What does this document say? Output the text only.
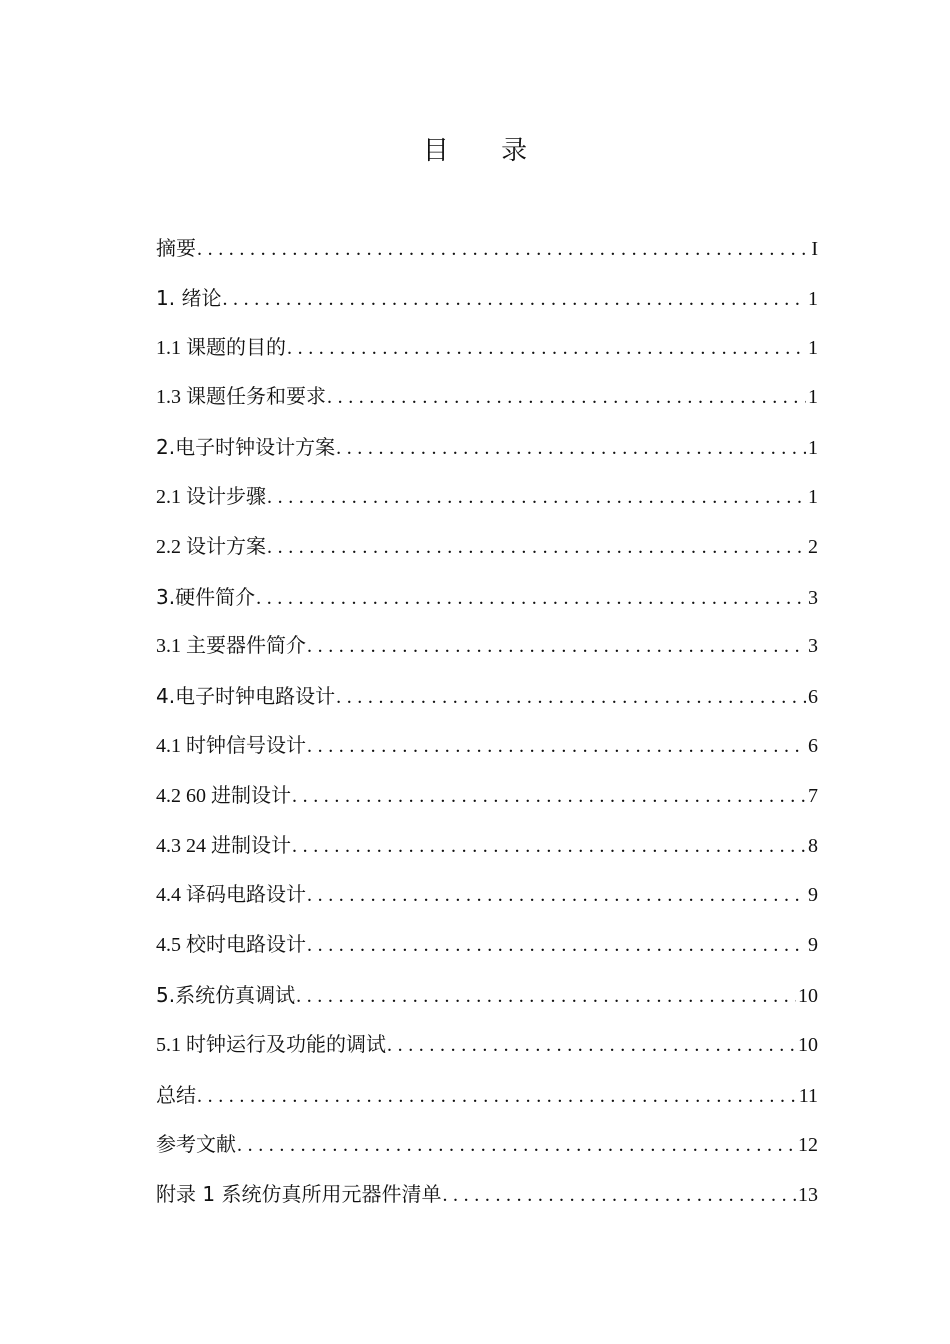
目 录
摘要 .....	I
1. 绪论 .....	1
1.1 课题的目的 .....	1
1.3 课题任务和要求 .....	1
2.电子时钟设计方案 .....	1
2.1 设计步骤 .....	1
2.2 设计方案 .....	2
3.硬件简介 .....	3
3.1 主要器件简介 .....	3
4.电子时钟电路设计 .....	6
4.1 时钟信号设计 .....	6
4.2 60 进制设计 .....	7
4.3 24 进制设计 .....	8
4.4 译码电路设计 .....	9
4.5 校时电路设计 .....	9
5.系统仿真调试 .....	10
5.1 时钟运行及功能的调试 .....	10
总结 .....	11
参考文献 .....	12
附录 1 系统仿真所用元器件清单 .....	13
